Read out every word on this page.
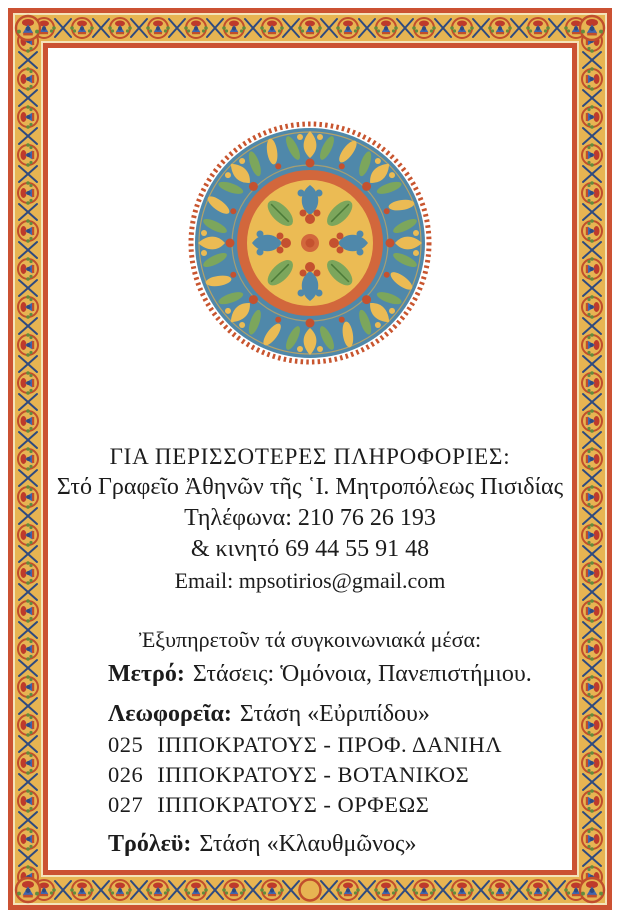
ΓΙΑ ΠΕΡΙΣΣΟΤΕΡΕΣ ΠΛΗΡΟΦΟΡΙΕΣ:
Στό Γραφεῖο Ἀθηνῶν τῆς ῾Ι. Μητροπόλεως Πισιδίας
Τηλέφωνα: 210 76 26 193
& κινητό 69 44 55 91 48
Email: mpsotirios@gmail.com
Ἐξυπηρετοῦν τά συγκοινωνιακά μέσα:
Μετρό: Στάσεις: Ὁμόνοια, Πανεπιστήμιου.
Λεωφορεῖα: Στάση «Εὐριπίδου»
025 ΙΠΠΟΚΡΑΤΟΥΣ - ΠΡΟΦ. ΔΑΝΙΗΛ
026 ΙΠΠΟΚΡΑΤΟΥΣ - ΒΟΤΑΝΙΚΟΣ
027 ΙΠΠΟΚΡΑΤΟΥΣ - ΟΡΦΕΩΣ
Τρόλεϋ: Στάση «Κλαυθμῶνος»
